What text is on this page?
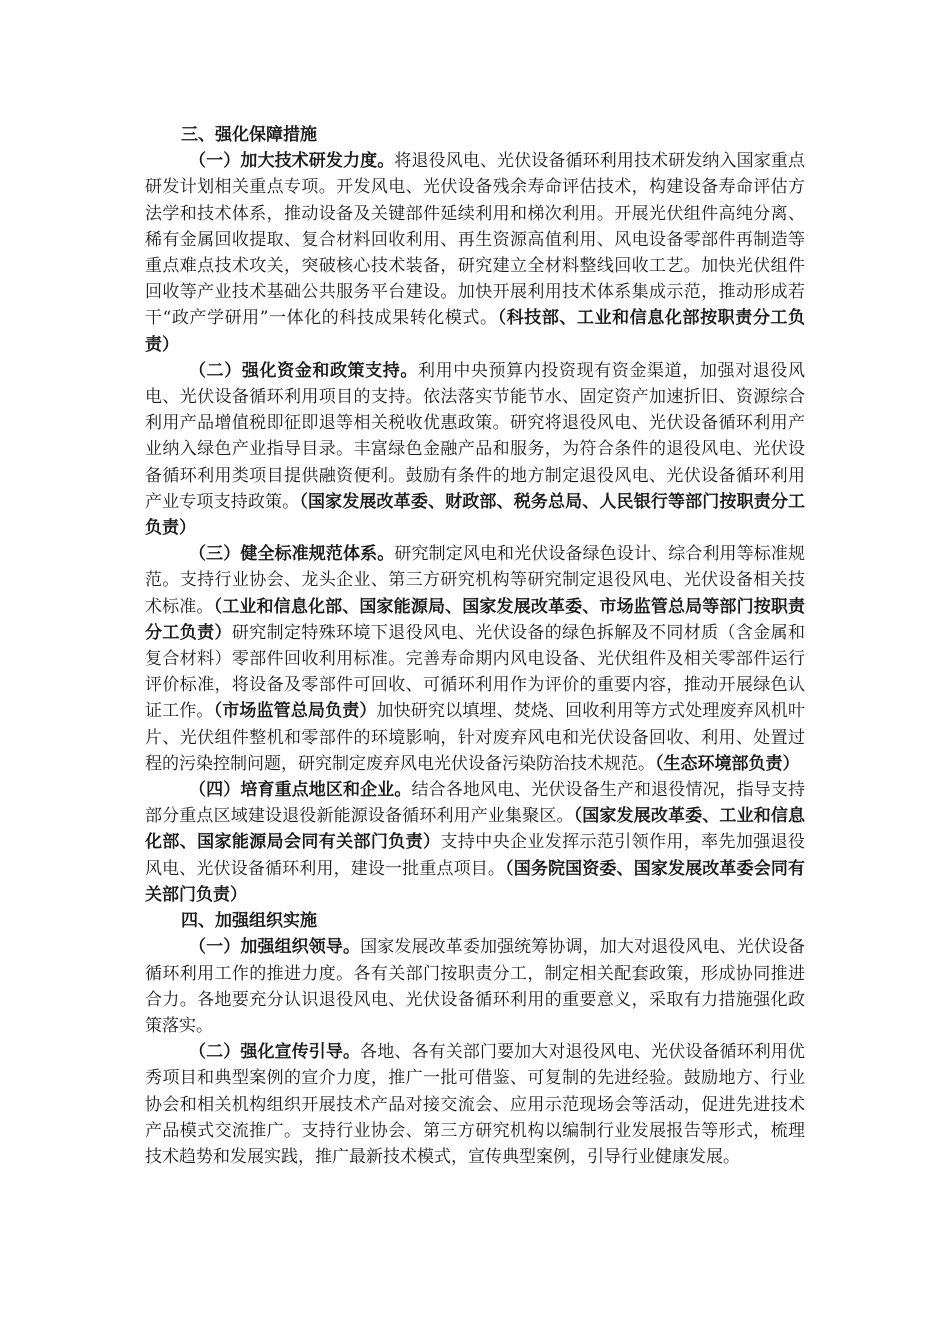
三、强化保障措施

（一）加大技术研发力度。将退役风电、光伏设备循环利用技术研发纳入国家重点研发计划相关重点专项。开发风电、光伏设备残余寿命评估技术，构建设备寿命评估方法学和技术体系，推动设备及关键部件延续利用和梯次利用。开展光伏组件高纯分离、稀有金属回收提取、复合材料回收利用、再生资源高值利用、风电设备零部件再制造等重点难点技术攻关，突破核心技术装备，研究建立全材料整线回收工艺。加快光伏组件回收等产业技术基础公共服务平台建设。加快开展利用技术体系集成示范，推动形成若干“政产学研用”一体化的科技成果转化模式。（科技部、工业和信息化部按职责分工负责）

（二）强化资金和政策支持。利用中央预算内投资现有资金渠道，加强对退役风电、光伏设备循环利用项目的支持。依法落实节能节水、固定资产加速折旧、资源综合利用产品增值税即征即退等相关税收优惠政策。研究将退役风电、光伏设备循环利用产业纳入绿色产业指导目录。丰富绿色金融产品和服务，为符合条件的退役风电、光伏设备循环利用类项目提供融资便利。鼓励有条件的地方制定退役风电、光伏设备循环利用产业专项支持政策。（国家发展改革委、财政部、税务总局、人民银行等部门按职责分工负责）

（三）健全标准规范体系。研究制定风电和光伏设备绿色设计、综合利用等标准规范。支持行业协会、龙头企业、第三方研究机构等研究制定退役风电、光伏设备相关技术标准。（工业和信息化部、国家能源局、国家发展改革委、市场监管总局等部门按职责分工负责）研究制定特殊环境下退役风电、光伏设备的绿色拆解及不同材质（含金属和复合材料）零部件回收利用标准。完善寿命期内风电设备、光伏组件及相关零部件运行评价标准，将设备及零部件可回收、可循环利用作为评价的重要内容，推动开展绿色认证工作。（市场监管总局负责）加快研究以填埋、焚烧、回收利用等方式处理废弃风机叶片、光伏组件整机和零部件的环境影响，针对废弃风电和光伏设备回收、利用、处置过程的污染控制问题，研究制定废弃风电光伏设备污染防治技术规范。（生态环境部负责）

（四）培育重点地区和企业。结合各地风电、光伏设备生产和退役情况，指导支持部分重点区域建设退役新能源设备循环利用产业集聚区。（国家发展改革委、工业和信息化部、国家能源局会同有关部门负责）支持中央企业发挥示范引领作用，率先加强退役风电、光伏设备循环利用，建设一批重点项目。（国务院国资委、国家发展改革委会同有关部门负责）

四、加强组织实施

（一）加强组织领导。国家发展改革委加强统筹协调，加大对退役风电、光伏设备循环利用工作的推进力度。各有关部门按职责分工，制定相关配套政策，形成协同推进合力。各地要充分认识退役风电、光伏设备循环利用的重要意义，采取有力措施强化政策落实。

（二）强化宣传引导。各地、各有关部门要加大对退役风电、光伏设备循环利用优秀项目和典型案例的宣介力度，推广一批可借鉴、可复制的先进经验。鼓励地方、行业协会和相关机构组织开展技术产品对接交流会、应用示范现场会等活动，促进先进技术产品模式交流推广。支持行业协会、第三方研究机构以编制行业发展报告等形式，梳理技术趋势和发展实践，推广最新技术模式，宣传典型案例，引导行业健康发展。
